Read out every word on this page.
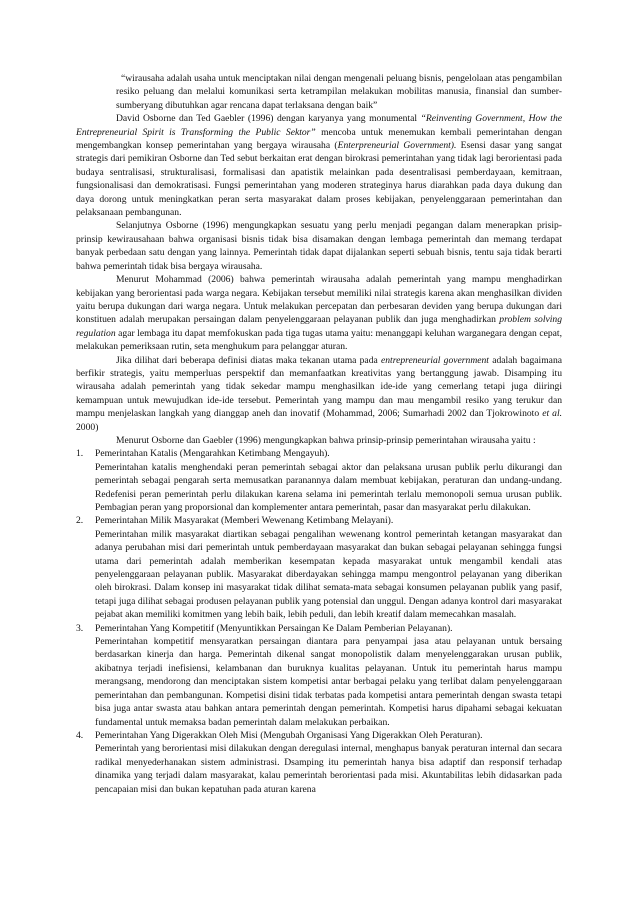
“wirausaha adalah usaha untuk menciptakan nilai dengan mengenali peluang bisnis, pengelolaan atas pengambilan resiko peluang dan melalui komunikasi serta ketrampilan melakukan mobilitas manusia, finansial dan sumber-sumberyang dibutuhkan agar rencana dapat terlaksana dengan baik”

David Osborne dan Ted Gaebler (1996) dengan karyanya yang monumental “Reinventing Government, How the Entrepreneurial Spirit is Transforming the Public Sektor” mencoba untuk menemukan kembali pemerintahan dengan mengembangkan konsep pemerintahan yang bergaya wirausaha (Enterpreneurial Government). Esensi dasar yang sangat strategis dari pemikiran Osborne dan Ted sebut berkaitan erat dengan birokrasi pemerintahan yang tidak lagi berorientasi pada budaya sentralisasi, strukturalisasi, formalisasi dan apatistik melainkan pada desentralisasi pemberdayaan, kemitraan, fungsionalisasi dan demokratisasi. Fungsi pemerintahan yang moderen strateginya harus diarahkan pada daya dukung dan daya dorong untuk meningkatkan peran serta masyarakat dalam proses kebijakan, penyelenggaraan pemerintahan dan pelaksanaan pembangunan.

Selanjutnya Osborne (1996) mengungkapkan sesuatu yang perlu menjadi pegangan dalam menerapkan prisip-prinsip kewirausahaan bahwa organisasi bisnis tidak bisa disamakan dengan lembaga pemerintah dan memang terdapat banyak perbedaan satu dengan yang lainnya. Pemerintah tidak dapat dijalankan seperti sebuah bisnis, tentu saja tidak berarti bahwa pemerintah tidak bisa bergaya wirausaha.

Menurut Mohammad (2006) bahwa pemerintah wirausaha adalah pemerintah yang mampu menghadirkan kebijakan yang berorientasi pada warga negara. Kebijakan tersebut memiliki nilai strategis karena akan menghasilkan dividen yaitu berupa dukungan dari warga negara. Untuk melakukan percepatan dan perbesaran deviden yang berupa dukungan dari konstituen adalah merupakan persaingan dalam penyelenggaraan pelayanan publik dan juga menghadirkan problem solving regulation agar lembaga itu dapat memfokuskan pada tiga tugas utama yaitu: menanggapi keluhan warganegara dengan cepat, melakukan pemeriksaan rutin, seta menghukum para pelanggar aturan.

Jika dilihat dari beberapa definisi diatas maka tekanan utama pada entrepreneurial government adalah bagaimana berfikir strategis, yaitu memperluas perspektif dan memanfaatkan kreativitas yang bertanggung jawab. Disamping itu wirausaha adalah pemerintah yang tidak sekedar mampu menghasilkan ide-ide yang cemerlang tetapi juga diiringi kemampuan untuk mewujudkan ide-ide tersebut. Pemerintah yang mampu dan mau mengambil resiko yang terukur dan mampu menjelaskan langkah yang dianggap aneh dan inovatif (Mohammad, 2006; Sumarhadi 2002 dan Tjokrowinoto et al. 2000)

Menurut Osborne dan Gaebler (1996) mengungkapkan bahwa prinsip-prinsip pemerintahan wirausaha yaitu :

1. Pemerintahan Katalis (Mengarahkan Ketimbang Mengayuh).

Pemerintahan katalis menghendaki peran pemerintah sebagai aktor dan pelaksana urusan publik perlu dikurangi dan pemerintah sebagai pengarah serta memusatkan paranannya dalam membuat kebijakan, peraturan dan undang-undang. Redefenisi peran pemerintah perlu dilakukan karena selama ini pemerintah terlalu memonopoli semua urusan publik. Pembagian peran yang proporsional dan komplementer antara pemerintah, pasar dan masyarakat perlu dilakukan.

2. Pemerintahan Milik Masyarakat (Memberi Wewenang Ketimbang Melayani).

Pemerintahan milik masyarakat diartikan sebagai pengalihan wewenang kontrol pemerintah ketangan masyarakat dan adanya perubahan misi dari pemerintah untuk pemberdayaan masyarakat dan bukan sebagai pelayanan sehingga fungsi utama dari pemerintah adalah memberikan kesempatan kepada masyarakat untuk mengambil kendali atas penyelenggaraan pelayanan publik. Masyarakat diberdayakan sehingga mampu mengontrol pelayanan yang diberikan oleh birokrasi. Dalam konsep ini masyarakat tidak dilihat semata-mata sebagai konsumen pelayanan publik yang pasif, tetapi juga dilihat sebagai produsen pelayanan publik yang potensial dan unggul. Dengan adanya kontrol dari masyarakat pejabat akan memiliki komitmen yang lebih baik, lebih peduli, dan lebih kreatif dalam memecahkan masalah.

3. Pemerintahan Yang Kompetitif (Menyuntikkan Persaingan Ke Dalam Pemberian Pelayanan).

Pemerintahan kompetitif mensyaratkan persaingan diantara para penyampai jasa atau pelayanan untuk bersaing berdasarkan kinerja dan harga. Pemerintah dikenal sangat monopolistik dalam menyelenggarakan urusan publik, akibatnya terjadi inefisiensi, kelambanan dan buruknya kualitas pelayanan. Untuk itu pemerintah harus mampu merangsang, mendorong dan menciptakan sistem kompetisi antar berbagai pelaku yang terlibat dalam penyelenggaraan pemerintahan dan pembangunan. Kompetisi disini tidak terbatas pada kompetisi antara pemerintah dengan swasta tetapi bisa juga antar swasta atau bahkan antara pemerintah dengan pemerintah. Kompetisi harus dipahami sebagai kekuatan fundamental untuk memaksa badan pemerintah dalam melakukan perbaikan.

4. Pemerintahan Yang Digerakkan Oleh Misi (Mengubah Organisasi Yang Digerakkan Oleh Peraturan).

Pemerintah yang berorientasi misi dilakukan dengan deregulasi internal, menghapus banyak peraturan internal dan secara radikal menyederhanakan sistem administrasi. Dsamping itu pemerintah hanya bisa adaptif dan responsif terhadap dinamika yang terjadi dalam masyarakat, kalau pemerintah berorientasi pada misi. Akuntabilitas lebih didasarkan pada pencapaian misi dan bukan kepatuhan pada aturan karena
